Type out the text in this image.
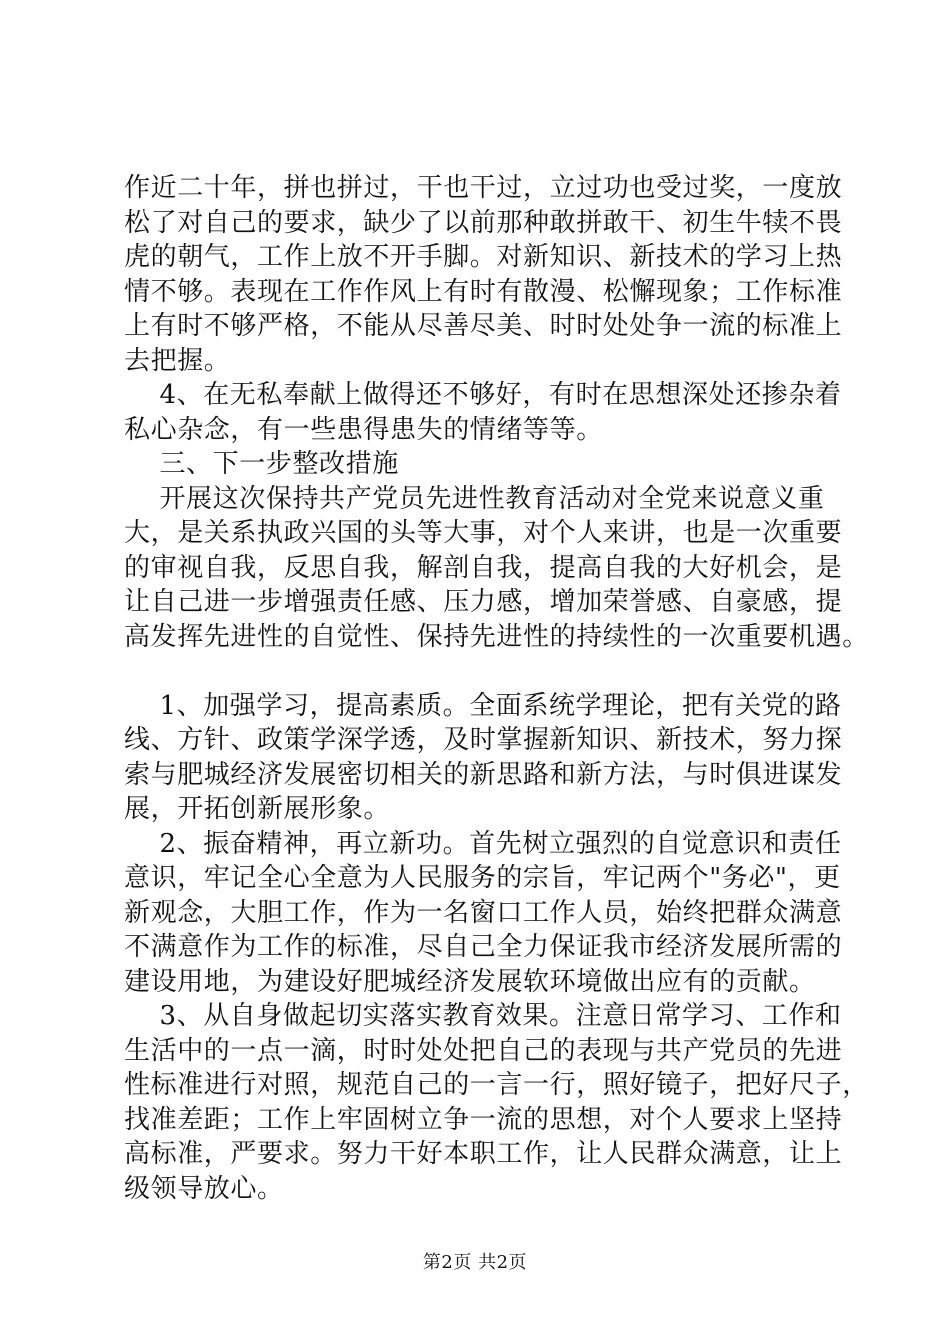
作近二十年，拼也拼过，干也干过，立过功也受过奖，一度放
松了对自己的要求，缺少了以前那种敢拼敢干、初生牛犊不畏
虎的朝气，工作上放不开手脚。对新知识、新技术的学习上热
情不够。表现在工作作风上有时有散漫、松懈现象；工作标准
上有时不够严格，不能从尽善尽美、时时处处争一流的标准上
去把握。
4、在无私奉献上做得还不够好，有时在思想深处还掺杂着
私心杂念，有一些患得患失的情绪等等。
三、下一步整改措施
开展这次保持共产党员先进性教育活动对全党来说意义重
大，是关系执政兴国的头等大事，对个人来讲，也是一次重要
的审视自我，反思自我，解剖自我，提高自我的大好机会，是
让自己进一步增强责任感、压力感，增加荣誉感、自豪感，提
高发挥先进性的自觉性、保持先进性的持续性的一次重要机遇。
1、加强学习，提高素质。全面系统学理论，把有关党的路
线、方针、政策学深学透，及时掌握新知识、新技术，努力探
索与肥城经济发展密切相关的新思路和新方法，与时俱进谋发
展，开拓创新展形象。
2、振奋精神，再立新功。首先树立强烈的自觉意识和责任
意识，牢记全心全意为人民服务的宗旨，牢记两个"务必"，更
新观念，大胆工作，作为一名窗口工作人员，始终把群众满意
不满意作为工作的标准，尽自己全力保证我市经济发展所需的
建设用地，为建设好肥城经济发展软环境做出应有的贡献。
3、从自身做起切实落实教育效果。注意日常学习、工作和
生活中的一点一滴，时时处处把自己的表现与共产党员的先进
性标准进行对照，规范自己的一言一行，照好镜子，把好尺子，
找准差距；工作上牢固树立争一流的思想，对个人要求上坚持
高标准，严要求。努力干好本职工作，让人民群众满意，让上
级领导放心。
第2页 共2页
